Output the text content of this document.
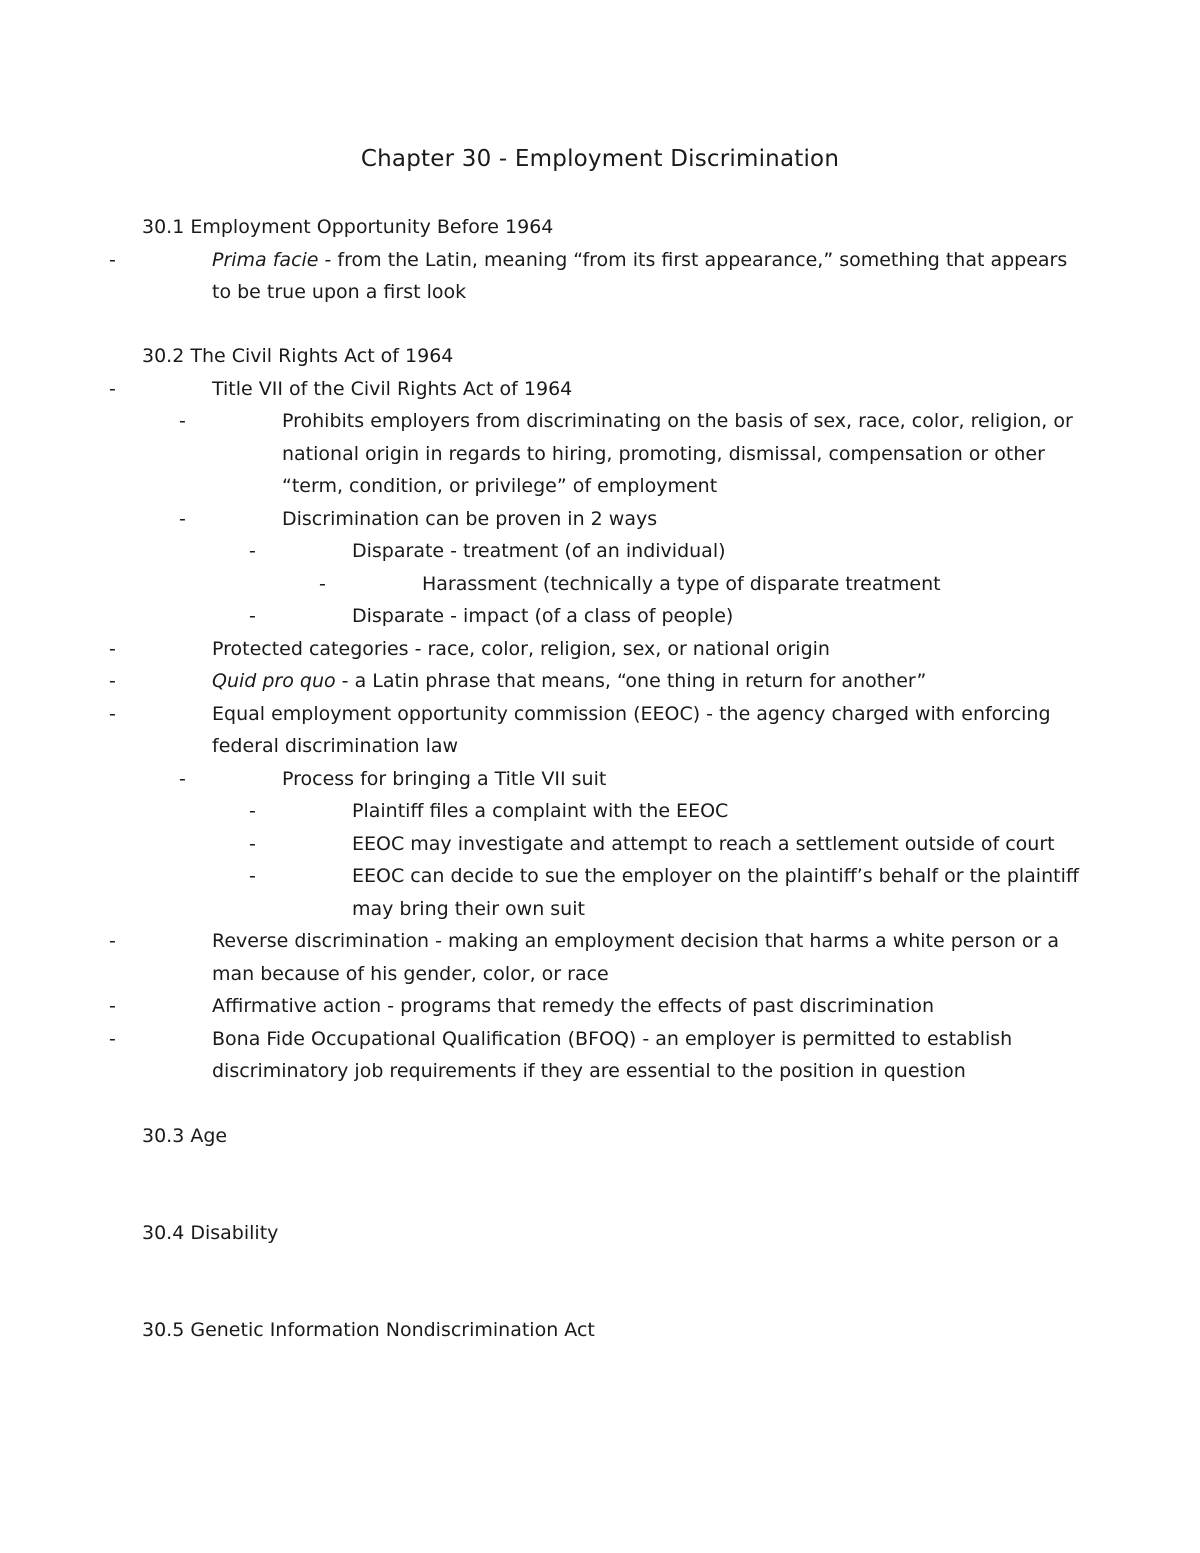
Chapter 30 - Employment Discrimination

30.1 Employment Opportunity Before 1964

-	Prima facie - from the Latin, meaning “from its first appearance,” something that appears to be true upon a first look

30.2 The Civil Rights Act of 1964

-	Title VII of the Civil Rights Act of 1964
-	Prohibits employers from discriminating on the basis of sex, race, color, religion, or national origin in regards to hiring, promoting, dismissal, compensation or other “term, condition, or privilege” of employment
-	Discrimination can be proven in 2 ways
-	Disparate - treatment (of an individual)
-	Harassment (technically a type of disparate treatment
-	Disparate - impact (of a class of people)
-	Protected categories - race, color, religion, sex, or national origin
-	Quid pro quo - a Latin phrase that means, “one thing in return for another”
-	Equal employment opportunity commission (EEOC) - the agency charged with enforcing federal discrimination law
-	Process for bringing a Title VII suit
-	Plaintiff files a complaint with the EEOC
-	EEOC may investigate and attempt to reach a settlement outside of court
-	EEOC can decide to sue the employer on the plaintiff’s behalf or the plaintiff may bring their own suit
-	Reverse discrimination - making an employment decision that harms a white person or a man because of his gender, color, or race
-	Affirmative action - programs that remedy the effects of past discrimination
-	Bona Fide Occupational Qualification (BFOQ) - an employer is permitted to establish discriminatory job requirements if they are essential to the position in question

30.3 Age

30.4 Disability

30.5 Genetic Information Nondiscrimination Act
